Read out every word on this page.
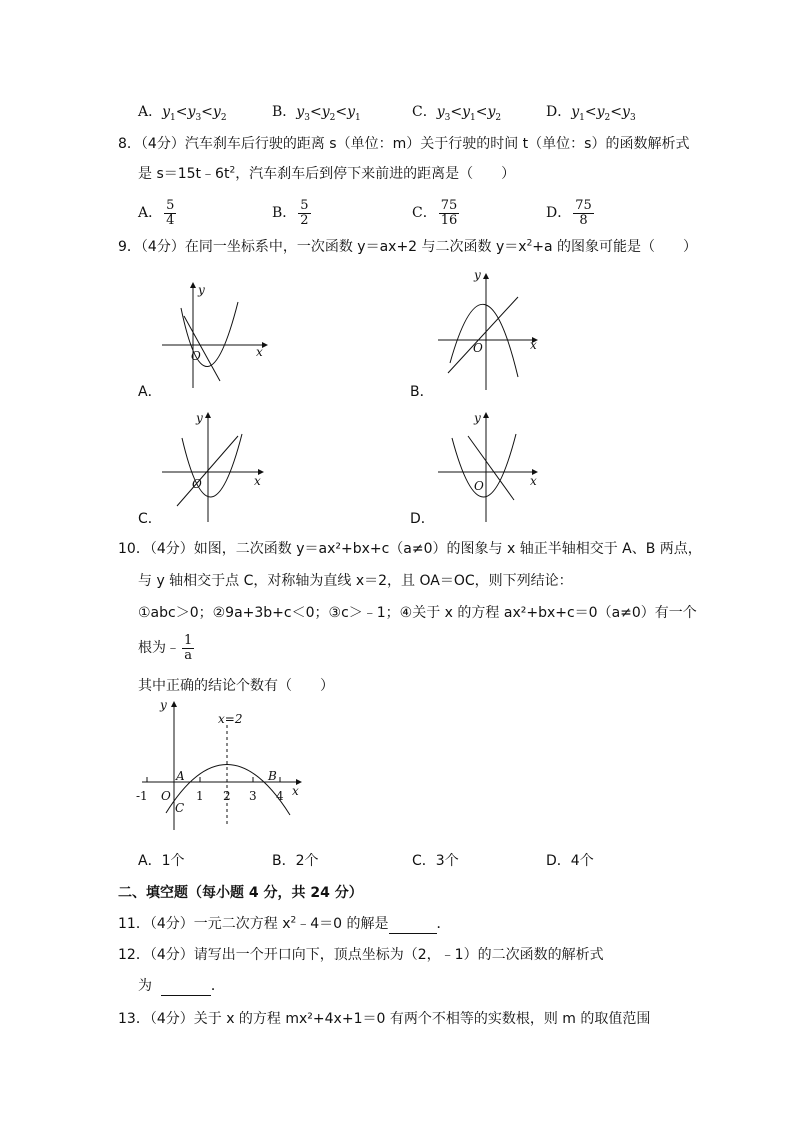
A．$y_1<y_3<y_2$	B．$y_3<y_2<y_1$	C．$y_3<y_1<y_2$	D．$y_1<y_2<y_3$
8．（4分）汽车刹车后行驶的距离 s（单位：m）关于行驶的时间 t（单位：s）的函数解析式
是 $s=15t﹣6t^2$，汽车刹车后到停下来前进的距离是（　　）
A． $\frac{5}{4}$	B． $\frac{5}{2}$	C． $\frac{75}{16}$	D． $\frac{75}{8}$
9．（4分）在同一坐标系中，一次函数 y＝ax+2 与二次函数 $y=x^2+a$ 的图象可能是（　　）
y
x
O
A．
y
x
O
B．
y
x
O
C．
y
x
O
D．
10．（4分）如图，二次函数 y＝ax²+bx+c（a≠0）的图象与 x 轴正半轴相交于 A、B 两点，
与 y 轴相交于点 C，对称轴为直线 x＝2，且 OA＝OC，则下列结论：
①abc＞0；②9a+3b+c＜0；③c＞﹣1；④关于 x 的方程 ax²+bx+c＝0（a≠0）有一个
根为﹣ $\frac{1}{a}$
其中正确的结论个数有（　　）
y
x=2
A	B
-1 O 1 2 3 4 x
C
A．1个	B．2个	C．3个	D．4个
二、填空题（每小题 4 分，共 24 分）
11．（4分）一元二次方程 $x^2﹣4=0$ 的解是	．
12．（4分）请写出一个开口向下，顶点坐标为（2，﹣1）的二次函数的解析式
为	．
13．（4分）关于 x 的方程 mx²+4x+1＝0 有两个不相等的实数根，则 m 的取值范围
